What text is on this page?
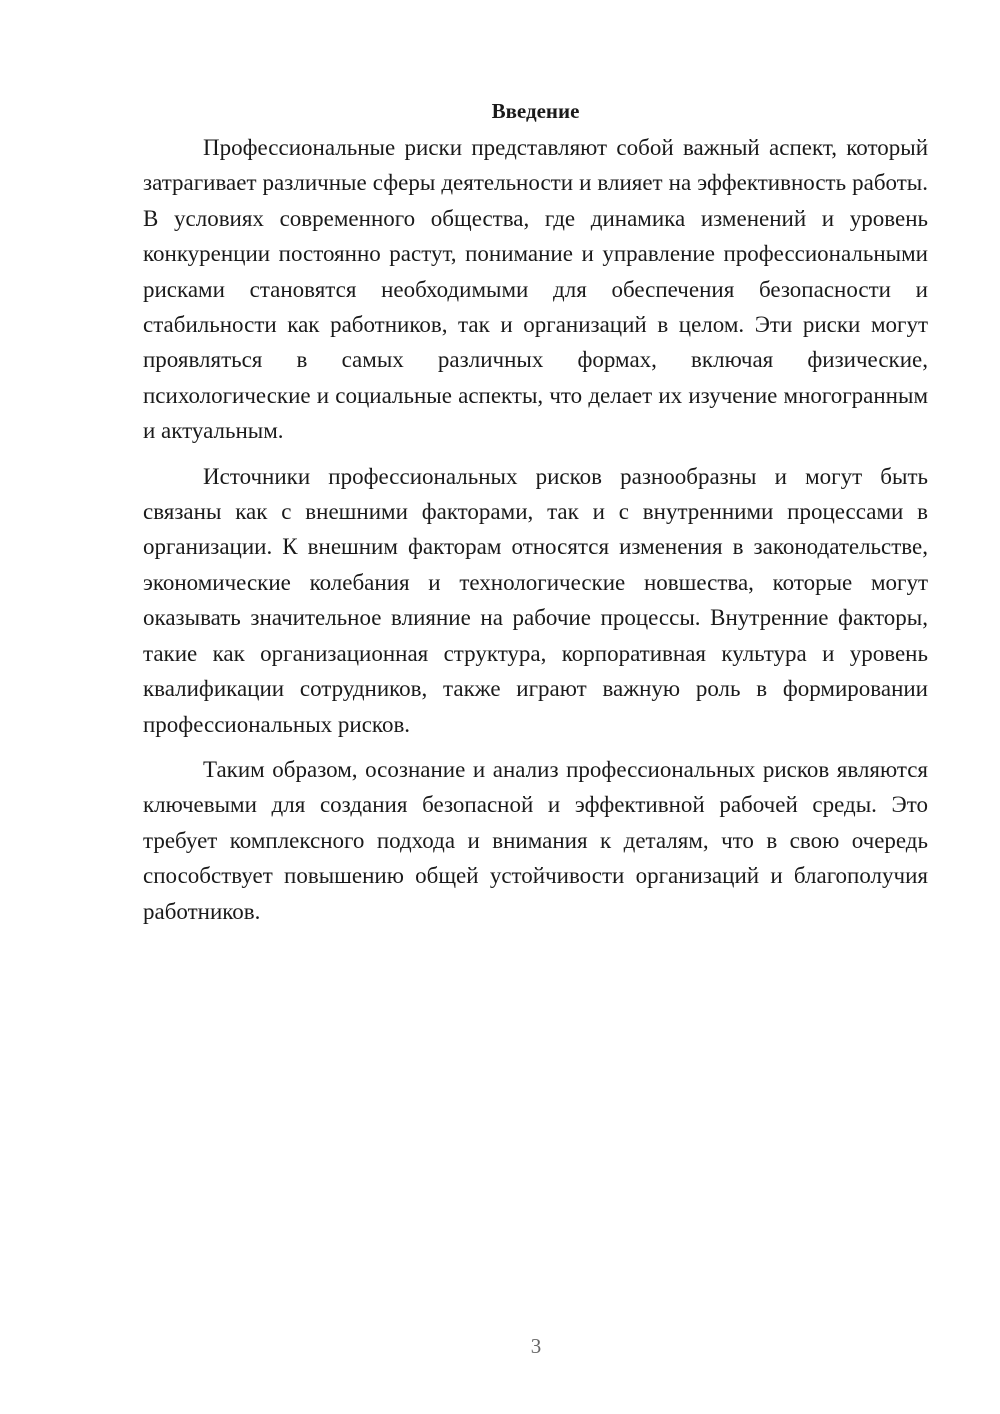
Введение

Профессиональные риски представляют собой важный аспект, который затрагивает различные сферы деятельности и влияет на эффективность работы. В условиях современного общества, где динамика изменений и уровень конкуренции постоянно растут, понимание и управление профессиональными рисками становятся необходимыми для обеспечения безопасности и стабильности как работников, так и организаций в целом. Эти риски могут проявляться в самых различных формах, включая физические, психологические и социальные аспекты, что делает их изучение многогранным и актуальным.

Источники профессиональных рисков разнообразны и могут быть связаны как с внешними факторами, так и с внутренними процессами в организации. К внешним факторам относятся изменения в законодательстве, экономические колебания и технологические новшества, которые могут оказывать значительное влияние на рабочие процессы. Внутренние факторы, такие как организационная структура, корпоративная культура и уровень квалификации сотрудников, также играют важную роль в формировании профессиональных рисков.

Таким образом, осознание и анализ профессиональных рисков являются ключевыми для создания безопасной и эффективной рабочей среды. Это требует комплексного подхода и внимания к деталям, что в свою очередь способствует повышению общей устойчивости организаций и благополучия работников.

3
